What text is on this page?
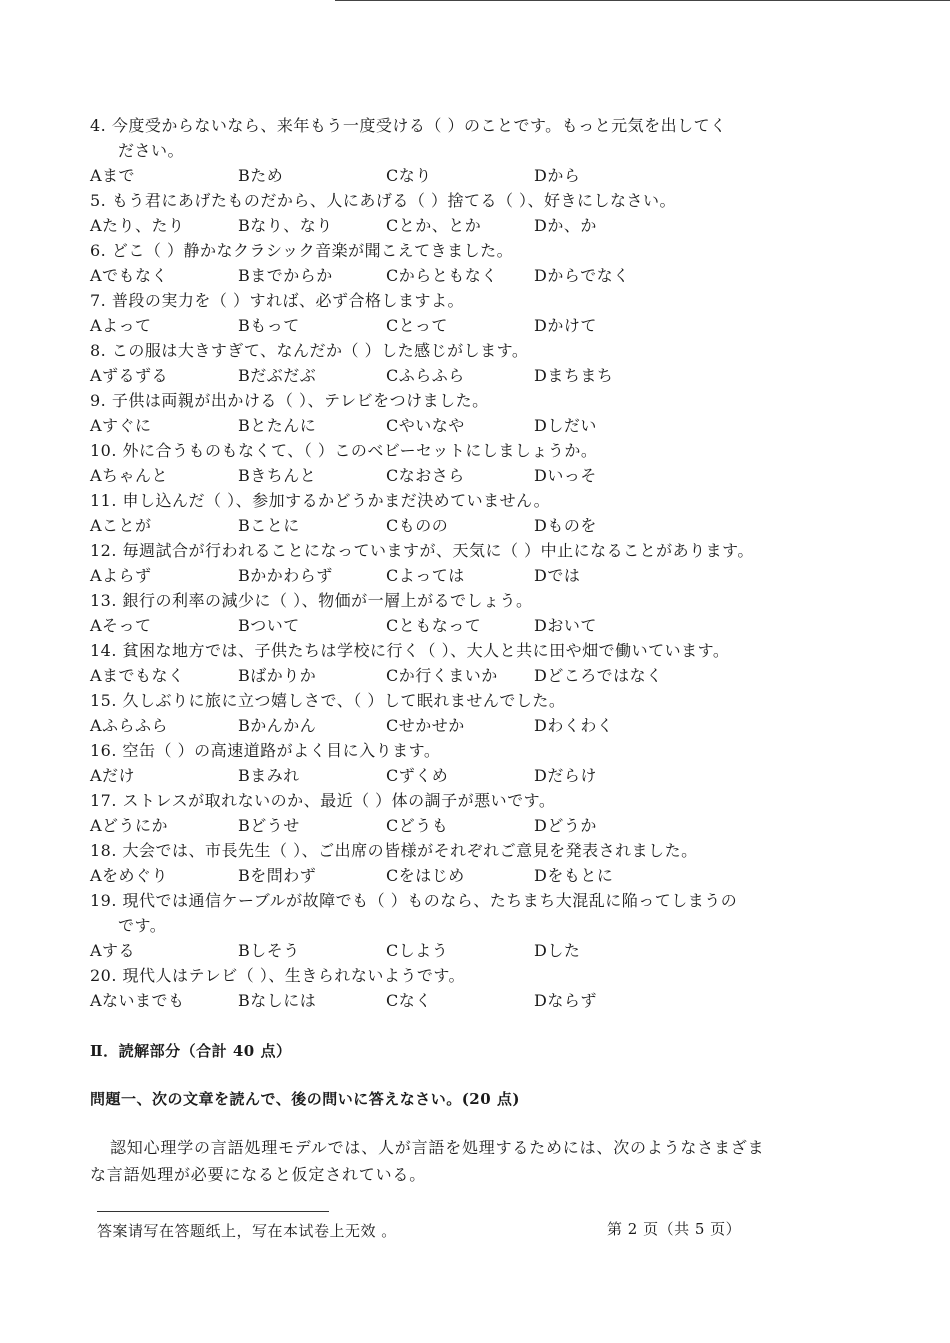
4. 今度受からないなら、来年もう一度受ける（ ）のことです。もっと元気を出してく
ださい。
Aまで	Bため	Cなり	Dから
5. もう君にあげたものだから、人にあげる（ ）捨てる（ ）、好きにしなさい。
Aたり、たり	Bなり、なり	Cとか、とか	Dか、か
6. どこ（ ）静かなクラシック音楽が聞こえてきました。
Aでもなく	Bまでからか	Cからともなく	Dからでなく
7. 普段の実力を（ ）すれば、必ず合格しますよ。
Aよって	Bもって	Cとって	Dかけて
8. この服は大きすぎて、なんだか（ ）した感じがします。
Aずるずる	Bだぶだぶ	Cふらふら	Dまちまち
9. 子供は両親が出かける（ ）、テレビをつけました。
Aすぐに	Bとたんに	Cやいなや	Dしだい
10. 外に合うものもなくて、（ ）このベビーセットにしましょうか。
Aちゃんと	Bきちんと	Cなおさら	Dいっそ
11. 申し込んだ（ ）、参加するかどうかまだ決めていません。
Aことが	Bことに	Cものの	Dものを
12. 毎週試合が行われることになっていますが、天気に（ ）中止になることがあります。
Aよらず	Bかかわらず	Cよっては	Dでは
13. 銀行の利率の減少に（ ）、物価が一層上がるでしょう。
Aそって	Bついて	Cともなって	Dおいて
14. 貧困な地方では、子供たちは学校に行く（ ）、大人と共に田や畑で働いています。
Aまでもなく	Bばかりか	Cか行くまいか	Dどころではなく
15. 久しぶりに旅に立つ嬉しさで、（ ）して眠れませんでした。
Aふらふら	Bかんかん	Cせかせか	Dわくわく
16. 空缶（ ）の高速道路がよく目に入ります。
Aだけ	Bまみれ	Cずくめ	Dだらけ
17. ストレスが取れないのか、最近（ ）体の調子が悪いです。
Aどうにか	Bどうせ	Cどうも	Dどうか
18. 大会では、市長先生（ ）、ご出席の皆様がそれぞれご意見を発表されました。
Aをめぐり	Bを問わず	Cをはじめ	Dをもとに
19. 現代では通信ケーブルが故障でも（ ）ものなら、たちまち大混乱に陥ってしまうの
です。
Aする	Bしそう	Cしよう	Dした
20. 現代人はテレビ（ ）、生きられないようです。
Aないまでも	Bなしには	Cなく	Dならず
Ⅱ．読解部分（合計 40 点）
問題一、次の文章を読んで、後の問いに答えなさい。(20 点)
認知心理学の言語処理モデルでは、人が言語を処理するためには、次のようなさまざまな言語処理が必要になると仮定されている。
答案请写在答题纸上，写在本试卷上无效 。	第 2 页（共 5 页）
